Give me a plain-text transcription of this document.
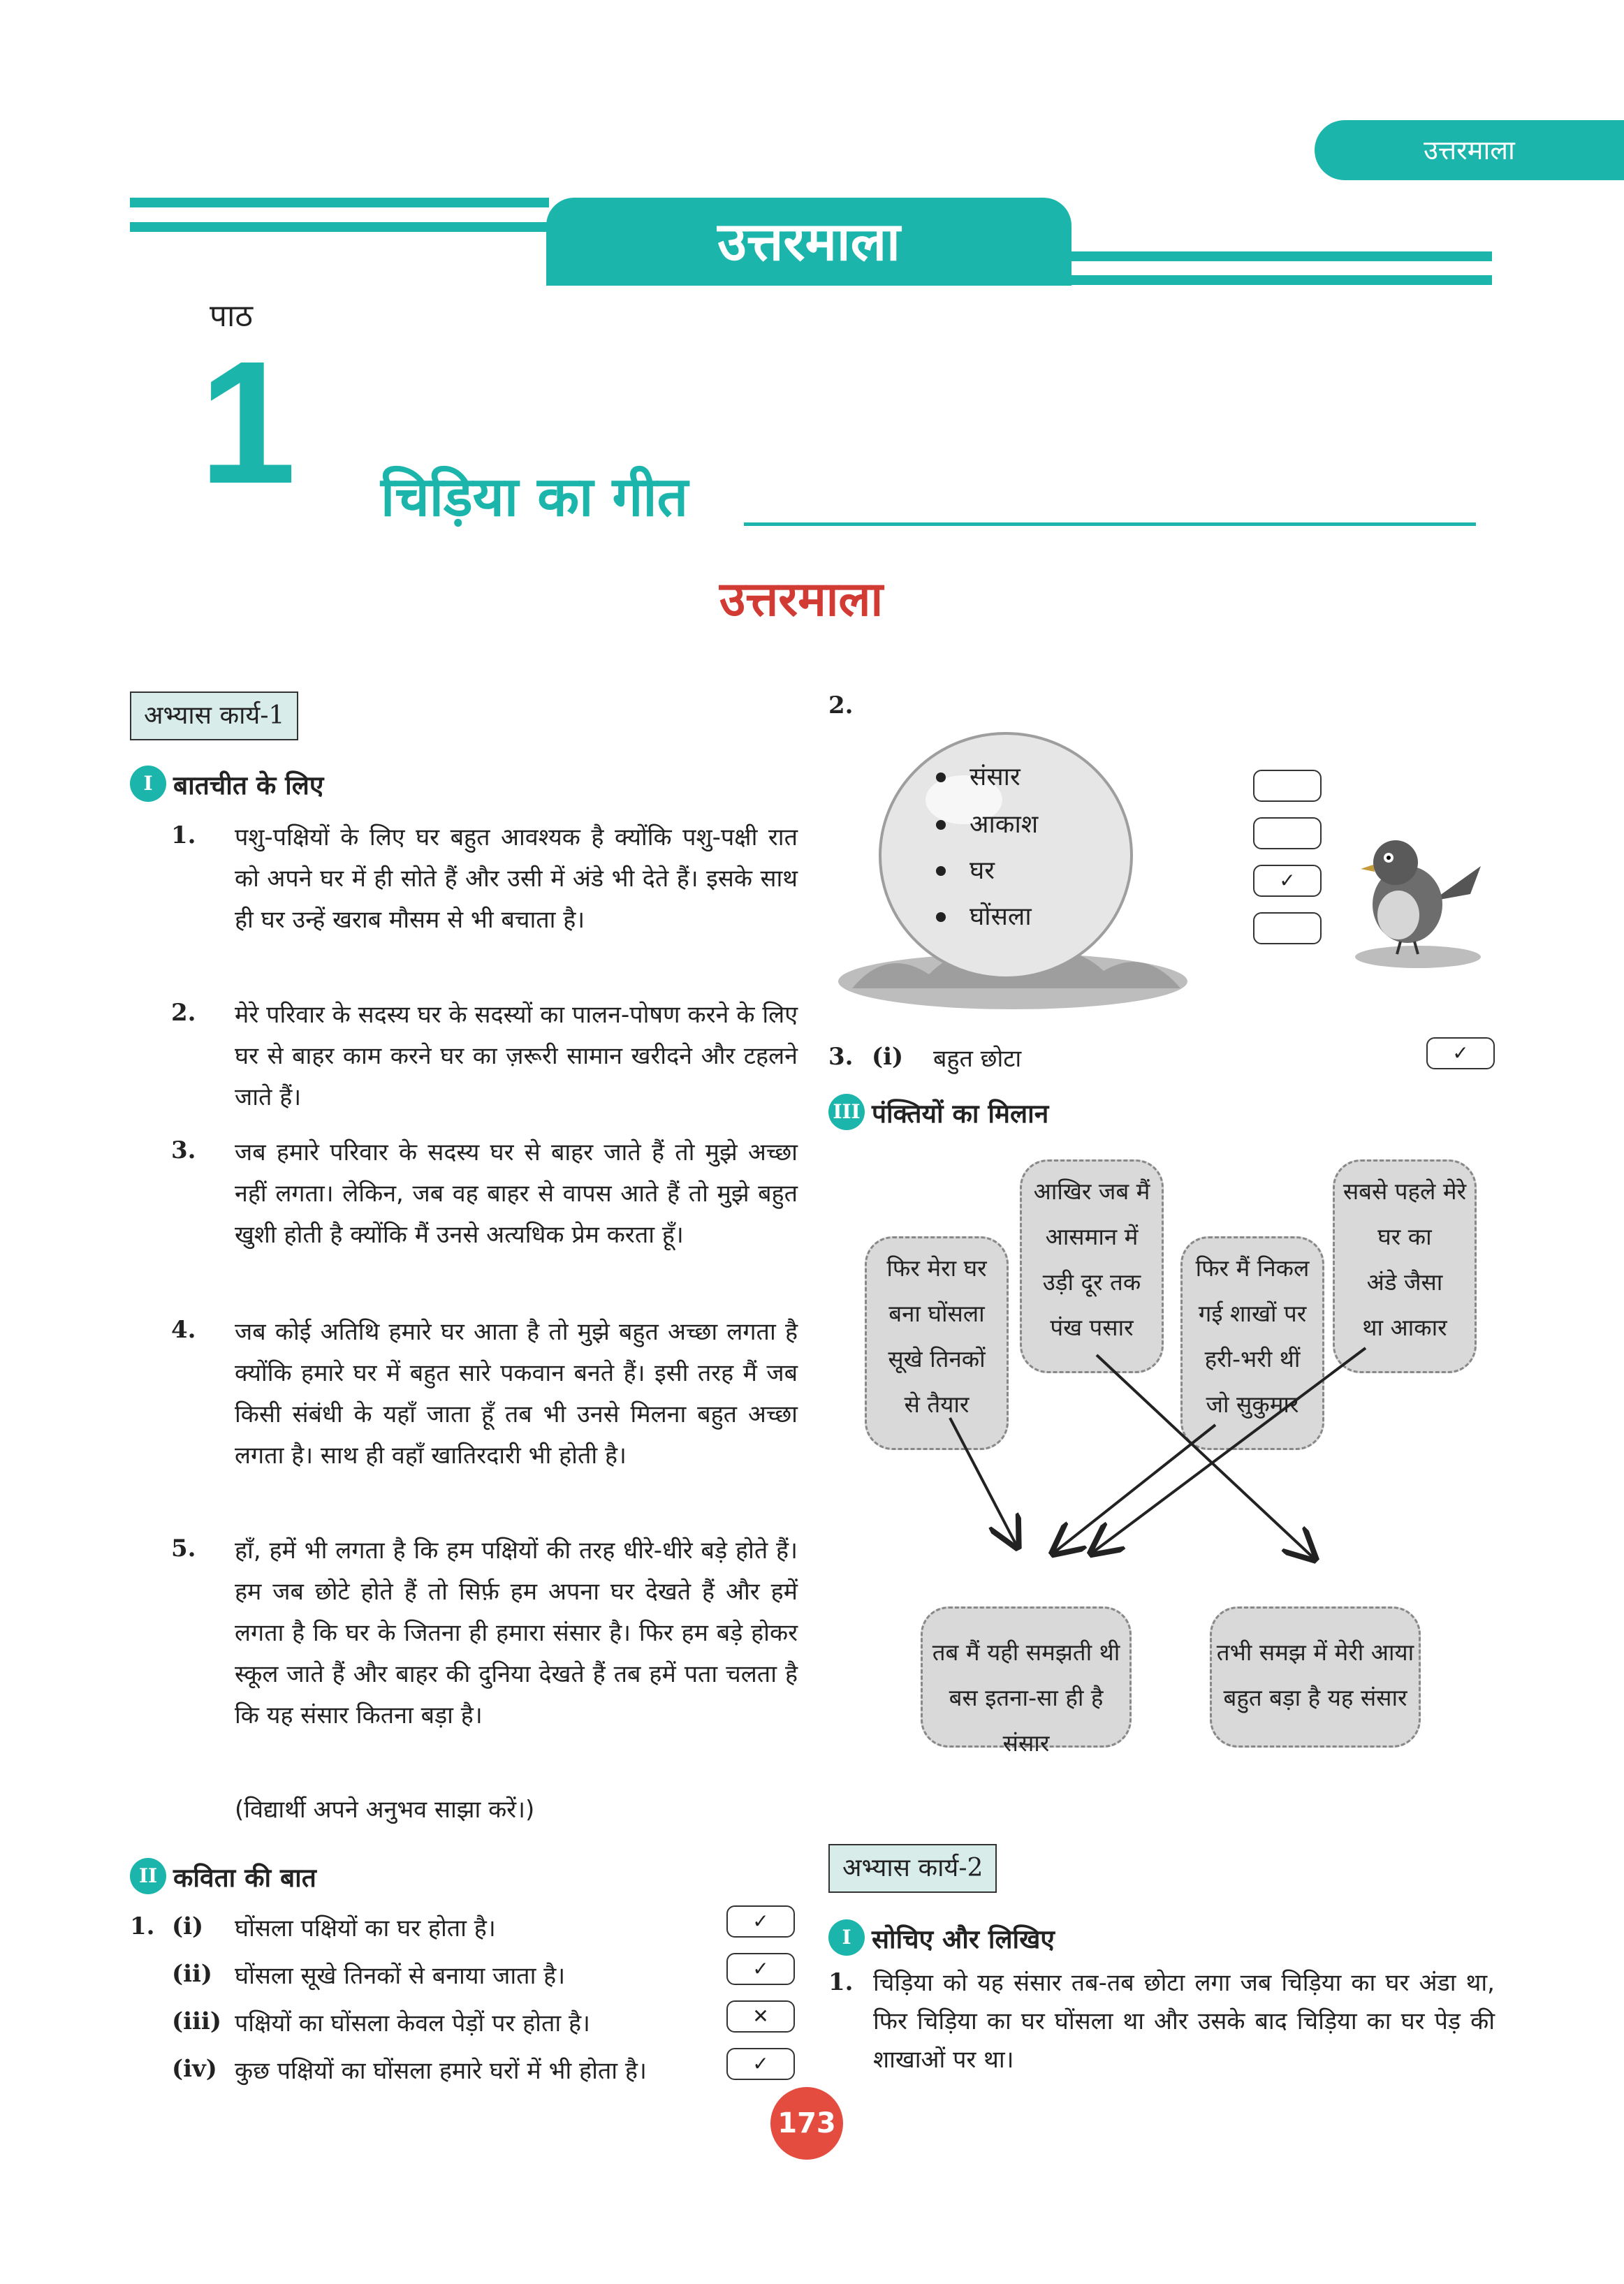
उत्तरमाला
उत्तरमाला
पाठ
1 चिड़िया का गीत
उत्तरमाला
अभ्यास कार्य-1
I बातचीत के लिए
1. पशु-पक्षियों के लिए घर बहुत आवश्यक है क्योंकि पशु-पक्षी रात को अपने घर में ही सोते हैं और उसी में अंडे भी देते हैं। इसके साथ ही घर उन्हें खराब मौसम से भी बचाता है।
2. मेरे परिवार के सदस्य घर के सदस्यों का पालन-पोषण करने के लिए घर से बाहर काम करने घर का ज़रूरी सामान खरीदने और टहलने जाते हैं।
3. जब हमारे परिवार के सदस्य घर से बाहर जाते हैं तो मुझे अच्छा नहीं लगता। लेकिन, जब वह बाहर से वापस आते हैं तो मुझे बहुत खुशी होती है क्योंकि मैं उनसे अत्यधिक प्रेम करता हूँ।
4. जब कोई अतिथि हमारे घर आता है तो मुझे बहुत अच्छा लगता है क्योंकि हमारे घर में बहुत सारे पकवान बनते हैं। इसी तरह मैं जब किसी संबंधी के यहाँ जाता हूँ तब भी उनसे मिलना बहुत अच्छा लगता है। साथ ही वहाँ खातिरदारी भी होती है।
5. हाँ, हमें भी लगता है कि हम पक्षियों की तरह धीरे-धीरे बड़े होते हैं। हम जब छोटे होते हैं तो सिर्फ़ हम अपना घर देखते हैं और हमें लगता है कि घर के जितना ही हमारा संसार है। फिर हम बड़े होकर स्कूल जाते हैं और बाहर की दुनिया देखते हैं तब हमें पता चलता है कि यह संसार कितना बड़ा है।
(विद्यार्थी अपने अनुभव साझा करें।)
II कविता की बात
1. (i) घोंसला पक्षियों का घर होता है।	✓
(ii) घोंसला सूखे तिनकों से बनाया जाता है।	✓
(iii) पक्षियों का घोंसला केवल पेड़ों पर होता है।	✕
(iv) कुछ पक्षियों का घोंसला हमारे घरों में भी होता है।	✓
2.
संसार
आकाश
घर
घोंसला
✓
3. (i) बहुत छोटा	✓
III पंक्तियों का मिलान
फिर मेरा घर
बना घोंसला
सूखे तिनकों
से तैयार
आखिर जब मैं
आसमान में
उड़ी दूर तक
पंख पसार
फिर मैं निकल
गई शाखों पर
हरी-भरी थीं
जो सुकुमार
सबसे पहले मेरे
घर का
अंडे जैसा
था आकार
तब मैं यही समझती थी
बस इतना-सा ही है संसार
तभी समझ में मेरी आया
बहुत बड़ा है यह संसार
अभ्यास कार्य-2
I सोचिए और लिखिए
1. चिड़िया को यह संसार तब-तब छोटा लगा जब चिड़िया का घर अंडा था, फिर चिड़िया का घर घोंसला था और उसके बाद चिड़िया का घर पेड़ की शाखाओं पर था।
173
